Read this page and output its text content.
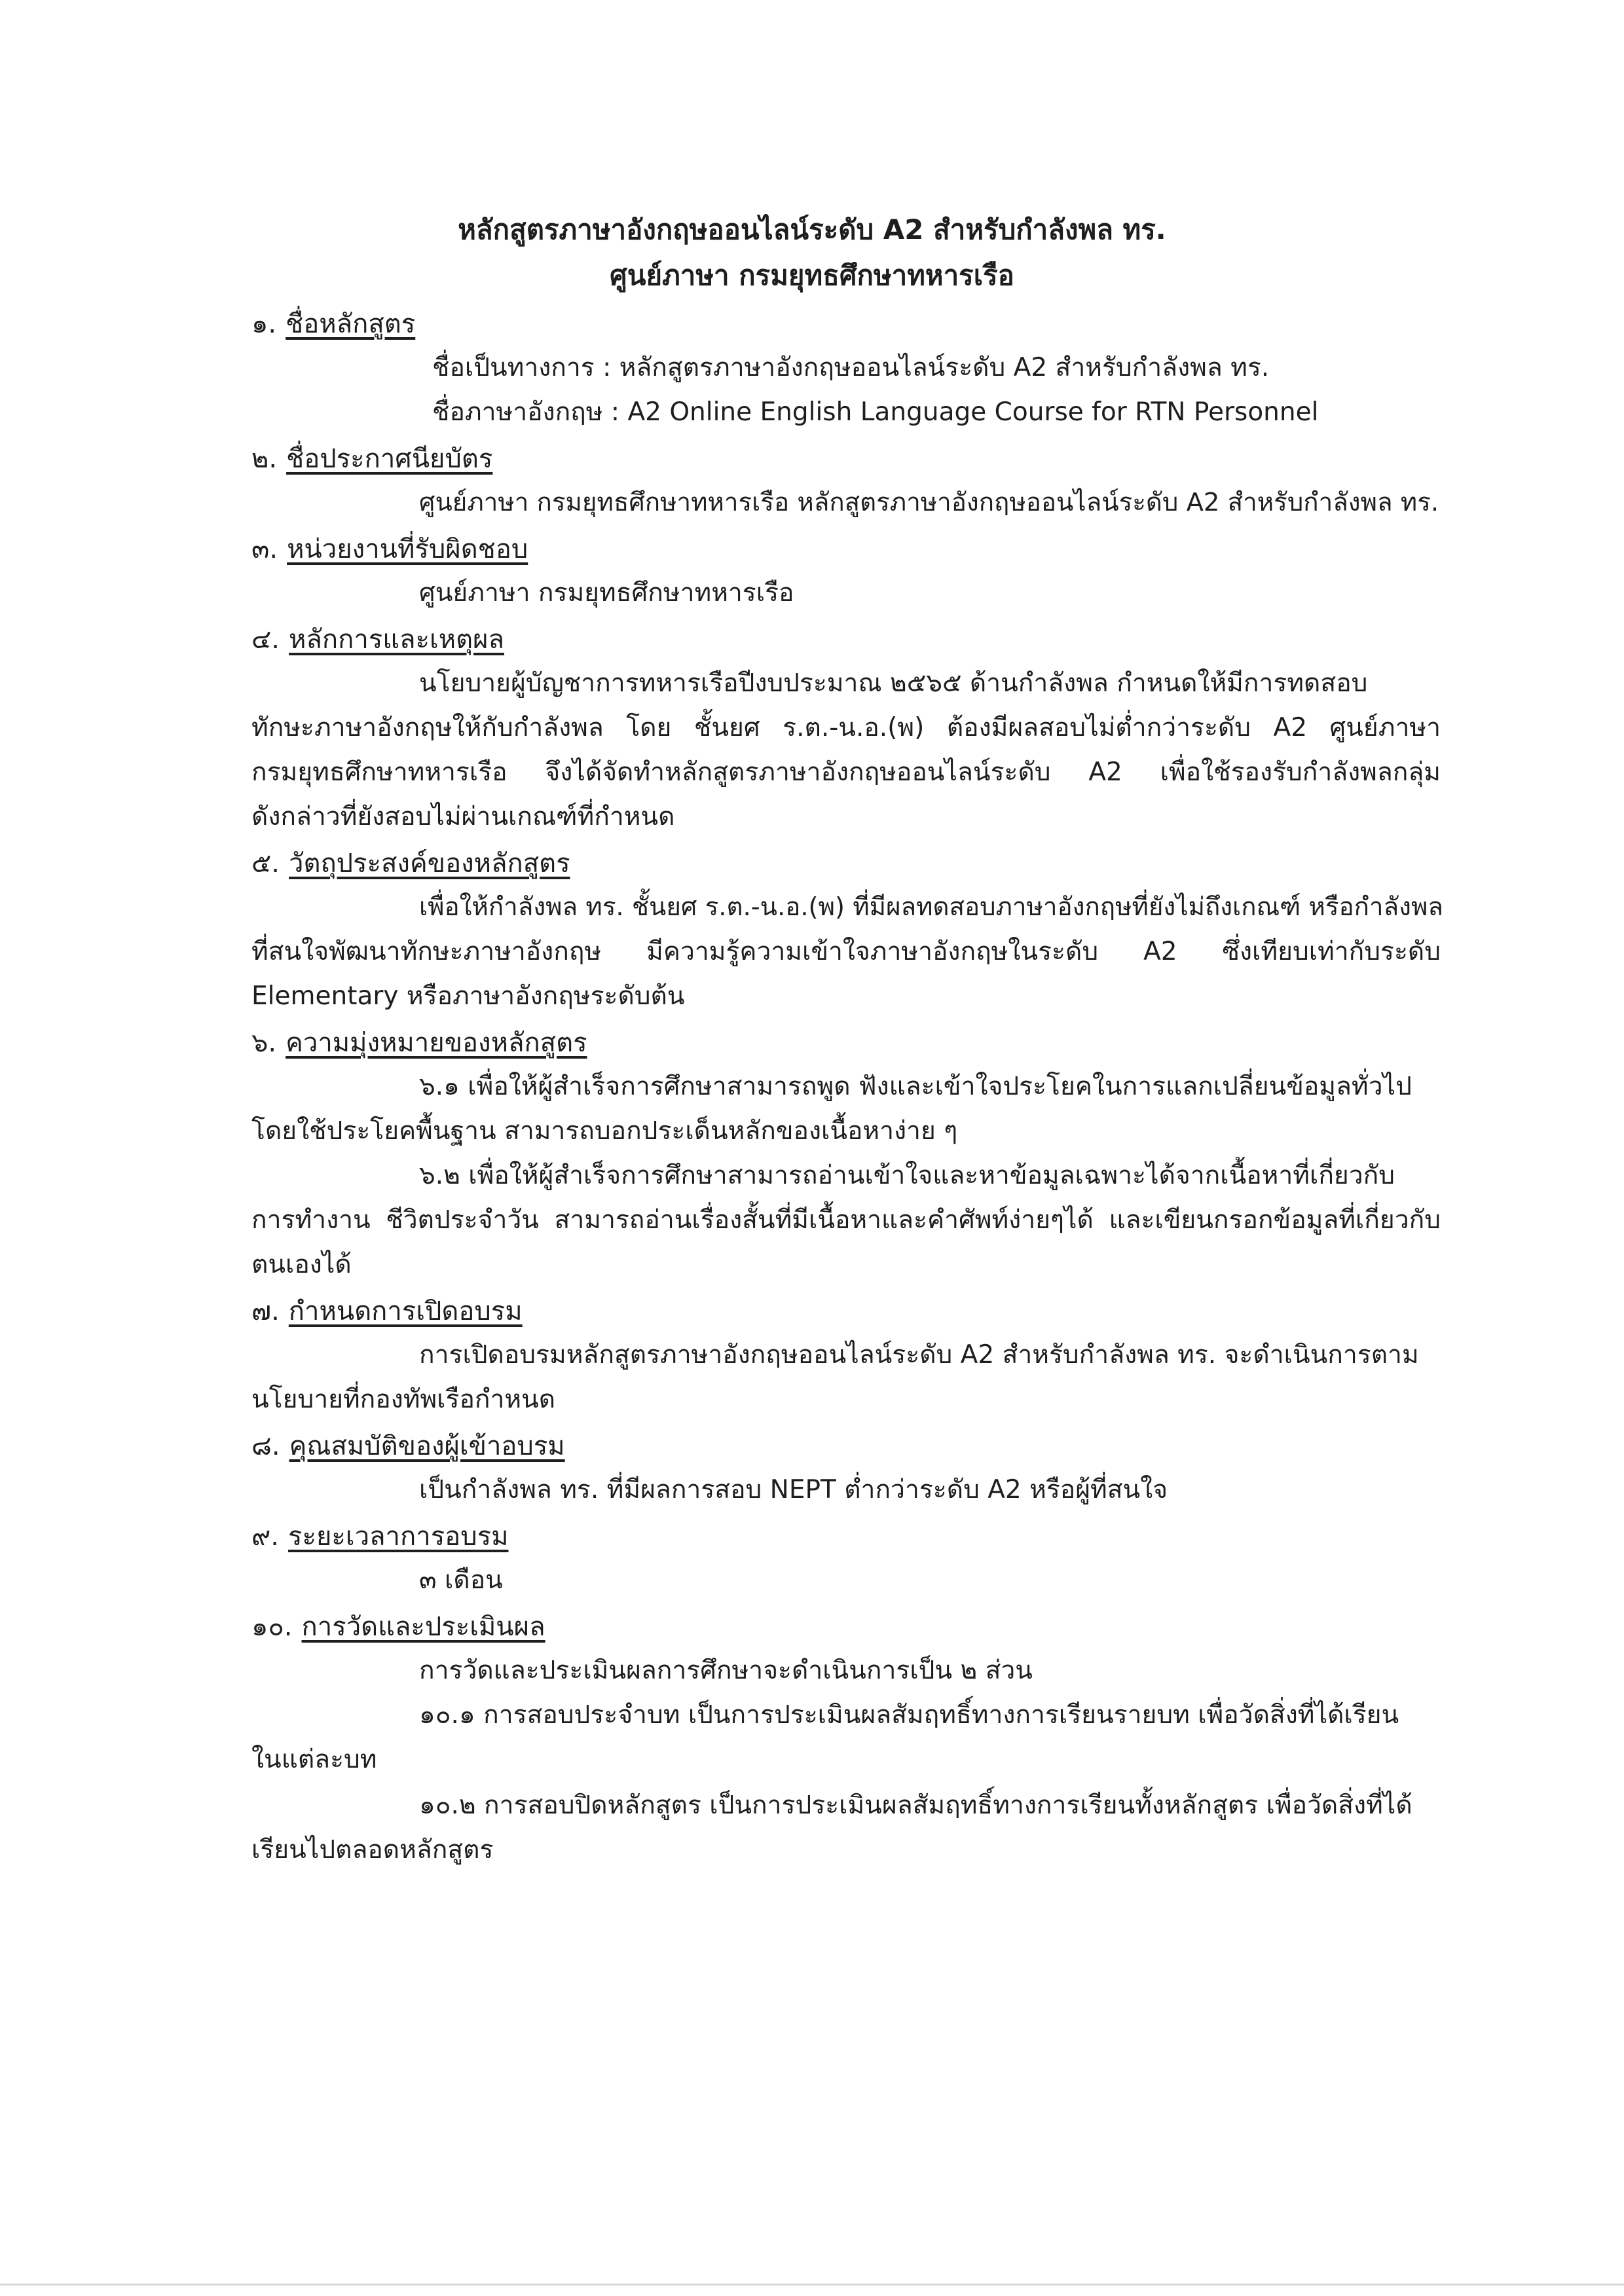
หลักสูตรภาษาอังกฤษออนไลน์ระดับ A2 สำหรับกำลังพล ทร.
ศูนย์ภาษา กรมยุทธศึกษาทหารเรือ
๑. ชื่อหลักสูตร
ชื่อเป็นทางการ : หลักสูตรภาษาอังกฤษออนไลน์ระดับ A2 สำหรับกำลังพล ทร.
ชื่อภาษาอังกฤษ : A2 Online English Language Course for RTN Personnel
๒. ชื่อประกาศนียบัตร
ศูนย์ภาษา กรมยุทธศึกษาทหารเรือ หลักสูตรภาษาอังกฤษออนไลน์ระดับ A2 สำหรับกำลังพล ทร.
๓. หน่วยงานที่รับผิดชอบ
ศูนย์ภาษา กรมยุทธศึกษาทหารเรือ
๔. หลักการและเหตุผล
นโยบายผู้บัญชาการทหารเรือปีงบประมาณ ๒๕๖๕ ด้านกำลังพล กำหนดให้มีการทดสอบ
ทักษะภาษาอังกฤษให้กับกำลังพล โดย ชั้นยศ ร.ต.-น.อ.(พ) ต้องมีผลสอบไม่ต่ำกว่าระดับ A2 ศูนย์ภาษา
กรมยุทธศึกษาทหารเรือ จึงได้จัดทำหลักสูตรภาษาอังกฤษออนไลน์ระดับ A2 เพื่อใช้รองรับกำลังพลกลุ่ม
ดังกล่าวที่ยังสอบไม่ผ่านเกณฑ์ที่กำหนด
๕. วัตถุประสงค์ของหลักสูตร
เพื่อให้กำลังพล ทร. ชั้นยศ ร.ต.-น.อ.(พ) ที่มีผลทดสอบภาษาอังกฤษที่ยังไม่ถึงเกณฑ์ หรือกำลังพล
ที่สนใจพัฒนาทักษะภาษาอังกฤษ มีความรู้ความเข้าใจภาษาอังกฤษในระดับ A2 ซึ่งเทียบเท่ากับระดับ
Elementary หรือภาษาอังกฤษระดับต้น
๖. ความมุ่งหมายของหลักสูตร
๖.๑ เพื่อให้ผู้สำเร็จการศึกษาสามารถพูด ฟังและเข้าใจประโยคในการแลกเปลี่ยนข้อมูลทั่วไป
โดยใช้ประโยคพื้นฐาน สามารถบอกประเด็นหลักของเนื้อหาง่าย ๆ
๖.๒ เพื่อให้ผู้สำเร็จการศึกษาสามารถอ่านเข้าใจและหาข้อมูลเฉพาะได้จากเนื้อหาที่เกี่ยวกับ
การทำงาน ชีวิตประจำวัน สามารถอ่านเรื่องสั้นที่มีเนื้อหาและคำศัพท์ง่ายๆได้ และเขียนกรอกข้อมูลที่เกี่ยวกับ
ตนเองได้
๗. กำหนดการเปิดอบรม
การเปิดอบรมหลักสูตรภาษาอังกฤษออนไลน์ระดับ A2 สำหรับกำลังพล ทร. จะดำเนินการตาม
นโยบายที่กองทัพเรือกำหนด
๘. คุณสมบัติของผู้เข้าอบรม
เป็นกำลังพล ทร. ที่มีผลการสอบ NEPT ต่ำกว่าระดับ A2 หรือผู้ที่สนใจ
๙. ระยะเวลาการอบรม
๓ เดือน
๑๐. การวัดและประเมินผล
การวัดและประเมินผลการศึกษาจะดำเนินการเป็น ๒ ส่วน
๑๐.๑ การสอบประจำบท เป็นการประเมินผลสัมฤทธิ์ทางการเรียนรายบท เพื่อวัดสิ่งที่ได้เรียน
ในแต่ละบท
๑๐.๒ การสอบปิดหลักสูตร เป็นการประเมินผลสัมฤทธิ์ทางการเรียนทั้งหลักสูตร เพื่อวัดสิ่งที่ได้
เรียนไปตลอดหลักสูตร
